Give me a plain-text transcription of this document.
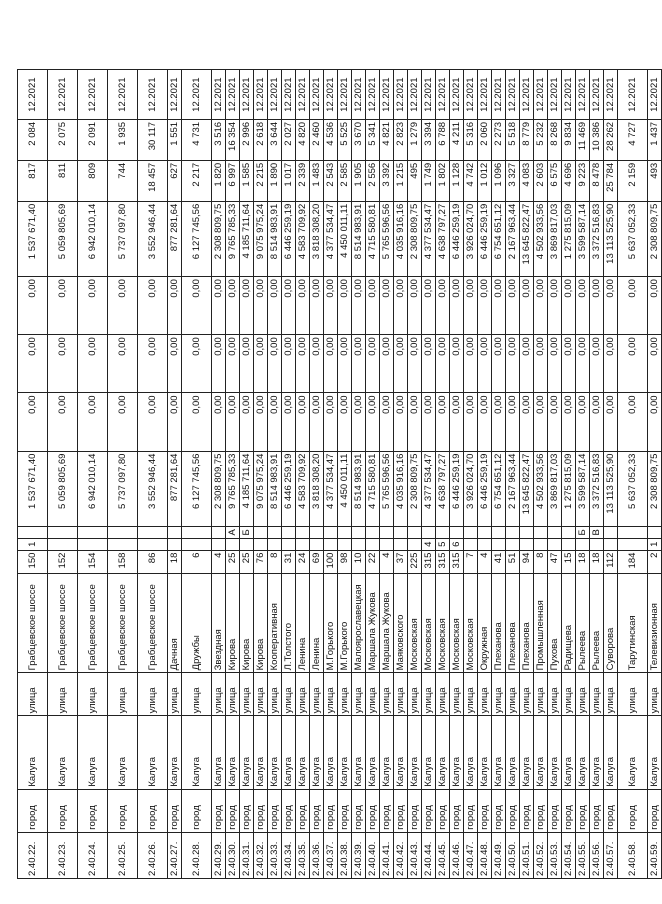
2.40.22.	город	Калуга	улица	Грабцевское шоссе	150	1		1 537 671,40	0,00	0,00	0,00	1 537 671,40	817	2 084	12.2021
2.40.23.	город	Калуга	улица	Грабцевское шоссе	152			5 059 805,69	0,00	0,00	0,00	5 059 805,69	811	2 075	12.2021
2.40.24.	город	Калуга	улица	Грабцевское шоссе	154			6 942 010,14	0,00	0,00	0,00	6 942 010,14	809	2 091	12.2021
2.40.25.	город	Калуга	улица	Грабцевское шоссе	158			5 737 097,80	0,00	0,00	0,00	5 737 097,80	744	1 935	12.2021
2.40.26.	город	Калуга	улица	Грабцевское шоссе	86			3 552 946,44	0,00	0,00	0,00	3 552 946,44	18 457	30 117	12.2021
2.40.27.	город	Калуга	улица	Дачная	18			877 281,64	0,00	0,00	0,00	877 281,64	627	1 551	12.2021
2.40.28.	город	Калуга	улица	Дружбы	6			6 127 745,56	0,00	0,00	0,00	6 127 745,56	2 217	4 731	12.2021
2.40.29.	город	Калуга	улица	Звездная	4			2 308 809,75	0,00	0,00	0,00	2 308 809,75	1 820	3 516	12.2021
2.40.30.	город	Калуга	улица	Кирова	25		А	9 765 785,33	0,00	0,00	0,00	9 765 785,33	6 997	16 354	12.2021
2.40.31.	город	Калуга	улица	Кирова	25		Б	4 185 711,64	0,00	0,00	0,00	4 185 711,64	1 585	2 996	12.2021
2.40.32.	город	Калуга	улица	Кирова	76			9 075 975,24	0,00	0,00	0,00	9 075 975,24	2 215	2 618	12.2021
2.40.33.	город	Калуга	улица	Кооперативная	8			8 514 983,91	0,00	0,00	0,00	8 514 983,91	1 890	3 644	12.2021
2.40.34.	город	Калуга	улица	Л.Толстого	31			6 446 259,19	0,00	0,00	0,00	6 446 259,19	1 017	2 027	12.2021
2.40.35.	город	Калуга	улица	Ленина	24			4 583 709,92	0,00	0,00	0,00	4 583 709,92	2 339	4 820	12.2021
2.40.36.	город	Калуга	улица	Ленина	69			3 818 308,20	0,00	0,00	0,00	3 818 308,20	1 483	2 460	12.2021
2.40.37.	город	Калуга	улица	М.Горького	100			4 377 534,47	0,00	0,00	0,00	4 377 534,47	2 543	4 536	12.2021
2.40.38.	город	Калуга	улица	М.Горького	98			4 450 011,11	0,00	0,00	0,00	4 450 011,11	2 585	5 525	12.2021
2.40.39.	город	Калуга	улица	Малоярославецкая	10			8 514 983,91	0,00	0,00	0,00	8 514 983,91	1 905	3 670	12.2021
2.40.40.	город	Калуга	улица	Маршала Жукова	22			4 715 580,81	0,00	0,00	0,00	4 715 580,81	2 556	5 341	12.2021
2.40.41.	город	Калуга	улица	Маршала Жукова	4			5 765 596,56	0,00	0,00	0,00	5 765 596,56	3 392	4 821	12.2021
2.40.42.	город	Калуга	улица	Маяковского	37			4 035 916,16	0,00	0,00	0,00	4 035 916,16	1 215	2 823	12.2021
2.40.43.	город	Калуга	улица	Московская	225			2 308 809,75	0,00	0,00	0,00	2 308 809,75	495	1 279	12.2021
2.40.44.	город	Калуга	улица	Московская	315	4		4 377 534,47	0,00	0,00	0,00	4 377 534,47	1 749	3 394	12.2021
2.40.45.	город	Калуга	улица	Московская	315	5		4 638 797,27	0,00	0,00	0,00	4 638 797,27	1 802	6 788	12.2021
2.40.46.	город	Калуга	улица	Московская	315	6		6 446 259,19	0,00	0,00	0,00	6 446 259,19	1 128	4 211	12.2021
2.40.47.	город	Калуга	улица	Московская	7			3 926 024,70	0,00	0,00	0,00	3 926 024,70	4 742	5 316	12.2021
2.40.48.	город	Калуга	улица	Окружная	4			6 446 259,19	0,00	0,00	0,00	6 446 259,19	1 012	2 060	12.2021
2.40.49.	город	Калуга	улица	Плеханова	41			6 754 651,12	0,00	0,00	0,00	6 754 651,12	1 096	2 273	12.2021
2.40.50.	город	Калуга	улица	Плеханова	51			2 167 963,44	0,00	0,00	0,00	2 167 963,44	3 327	5 518	12.2021
2.40.51.	город	Калуга	улица	Плеханова	94			13 645 822,47	0,00	0,00	0,00	13 645 822,47	4 083	8 779	12.2021
2.40.52.	город	Калуга	улица	Промышленная	8			4 502 933,56	0,00	0,00	0,00	4 502 933,56	2 603	5 232	12.2021
2.40.53.	город	Калуга	улица	Пухова	47			3 869 817,03	0,00	0,00	0,00	3 869 817,03	6 575	8 268	12.2021
2.40.54.	город	Калуга	улица	Радищева	15			1 275 815,09	0,00	0,00	0,00	1 275 815,09	4 696	9 834	12.2021
2.40.55.	город	Калуга	улица	Рылеева	18		Б	3 599 587,14	0,00	0,00	0,00	3 599 587,14	9 223	11 469	12.2021
2.40.56.	город	Калуга	улица	Рылеева	18		В	3 372 516,83	0,00	0,00	0,00	3 372 516,83	8 478	10 386	12.2021
2.40.57.	город	Калуга	улица	Суворова	112			13 113 525,90	0,00	0,00	0,00	13 113 525,90	25 784	28 262	12.2021
2.40.58.	город	Калуга	улица	Тарутинская	184			5 637 052,33	0,00	0,00	0,00	5 637 052,33	2 159	4 727	12.2021
2.40.59.	город	Калуга	улица	Телевизионная	2	1		2 308 809,75	0,00	0,00	0,00	2 308 809,75	493	1 437	12.2021
